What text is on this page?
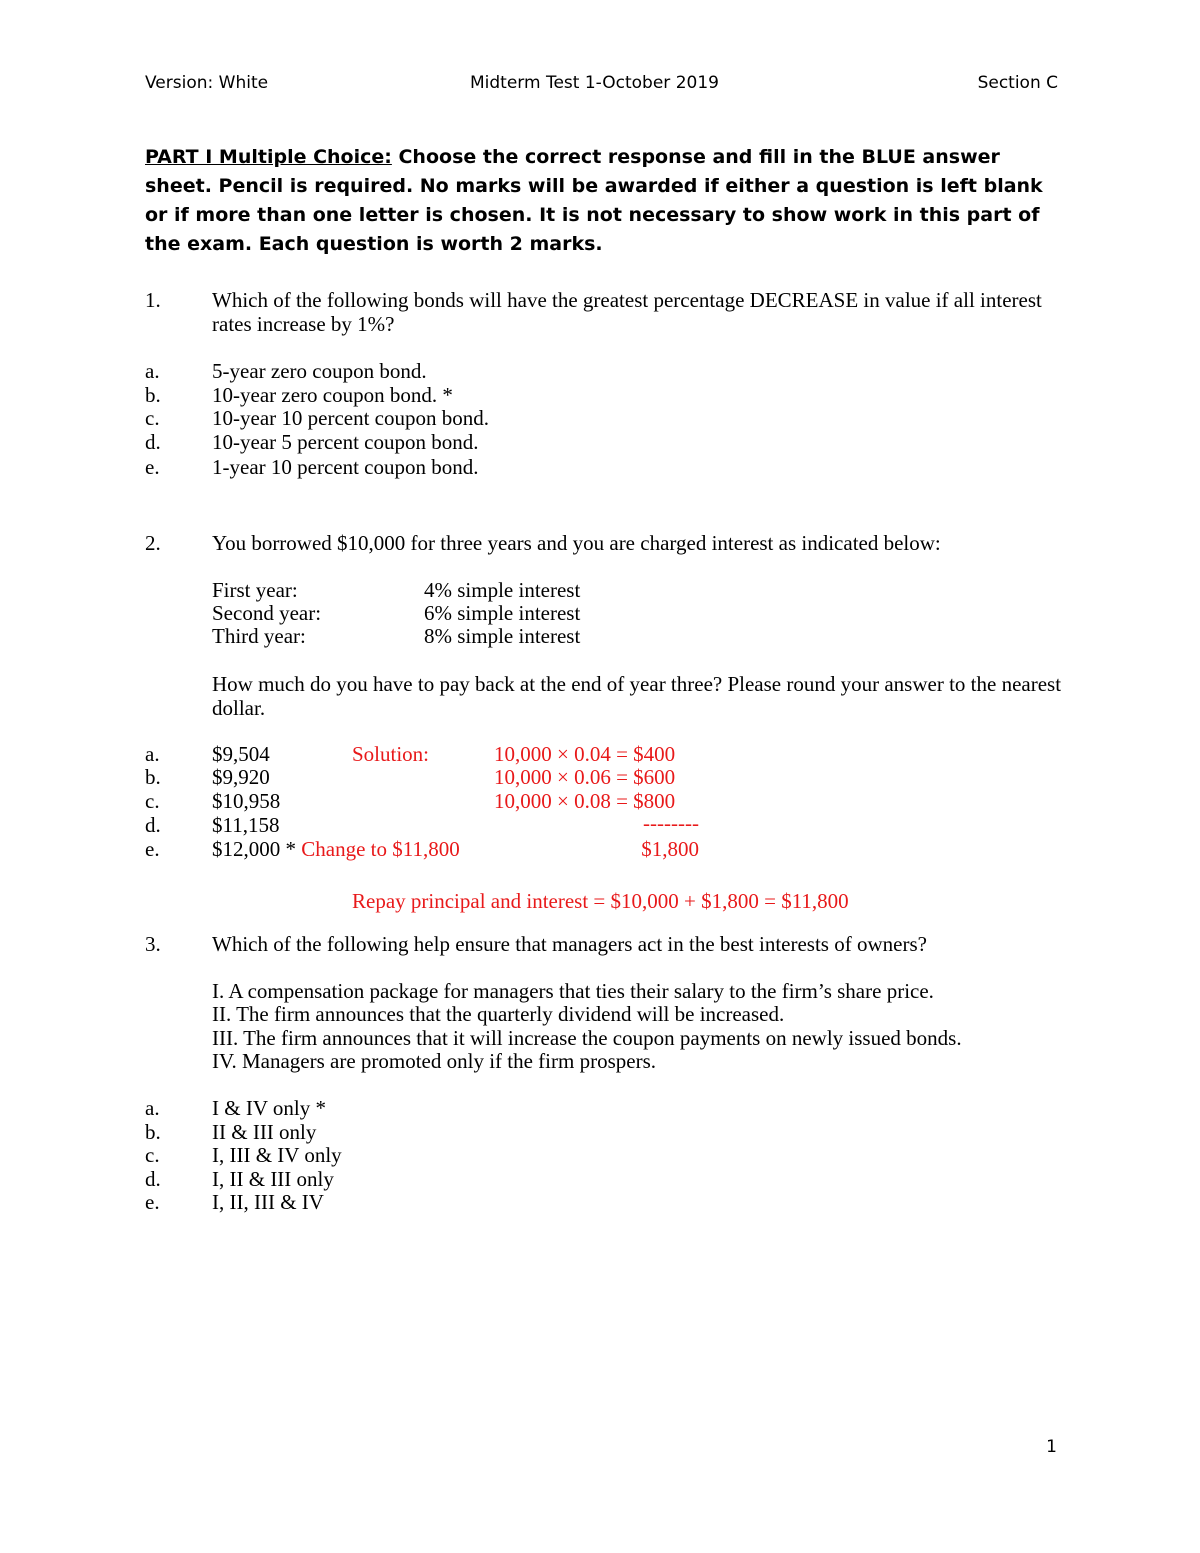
Version: White	Midterm Test 1-October 2019	Section C
PART I Multiple Choice: Choose the correct response and fill in the BLUE answer sheet. Pencil is required. No marks will be awarded if either a question is left blank or if more than one letter is chosen. It is not necessary to show work in this part of the exam. Each question is worth 2 marks.
1. Which of the following bonds will have the greatest percentage DECREASE in value if all interest rates increase by 1%?
a. 5-year zero coupon bond.
b. 10-year zero coupon bond. *
c. 10-year 10 percent coupon bond.
d. 10-year 5 percent coupon bond.
e. 1-year 10 percent coupon bond.
2. You borrowed $10,000 for three years and you are charged interest as indicated below:
First year:	4% simple interest
Second year:	6% simple interest
Third year:	8% simple interest
How much do you have to pay back at the end of year three? Please round your answer to the nearest dollar.
a. $9,504
b. $9,920
c. $10,958
d. $11,158
e. $12,000 * Change to $11,800
Solution:	10,000 × 0.04 = $400
10,000 × 0.06 = $600
10,000 × 0.08 = $800
--------
$1,800
Repay principal and interest = $10,000 + $1,800 = $11,800
3. Which of the following help ensure that managers act in the best interests of owners?
I. A compensation package for managers that ties their salary to the firm’s share price.
II. The firm announces that the quarterly dividend will be increased.
III. The firm announces that it will increase the coupon payments on newly issued bonds.
IV. Managers are promoted only if the firm prospers.
a. I & IV only *
b. II & III only
c. I, III & IV only
d. I, II & III only
e. I, II, III & IV
1
